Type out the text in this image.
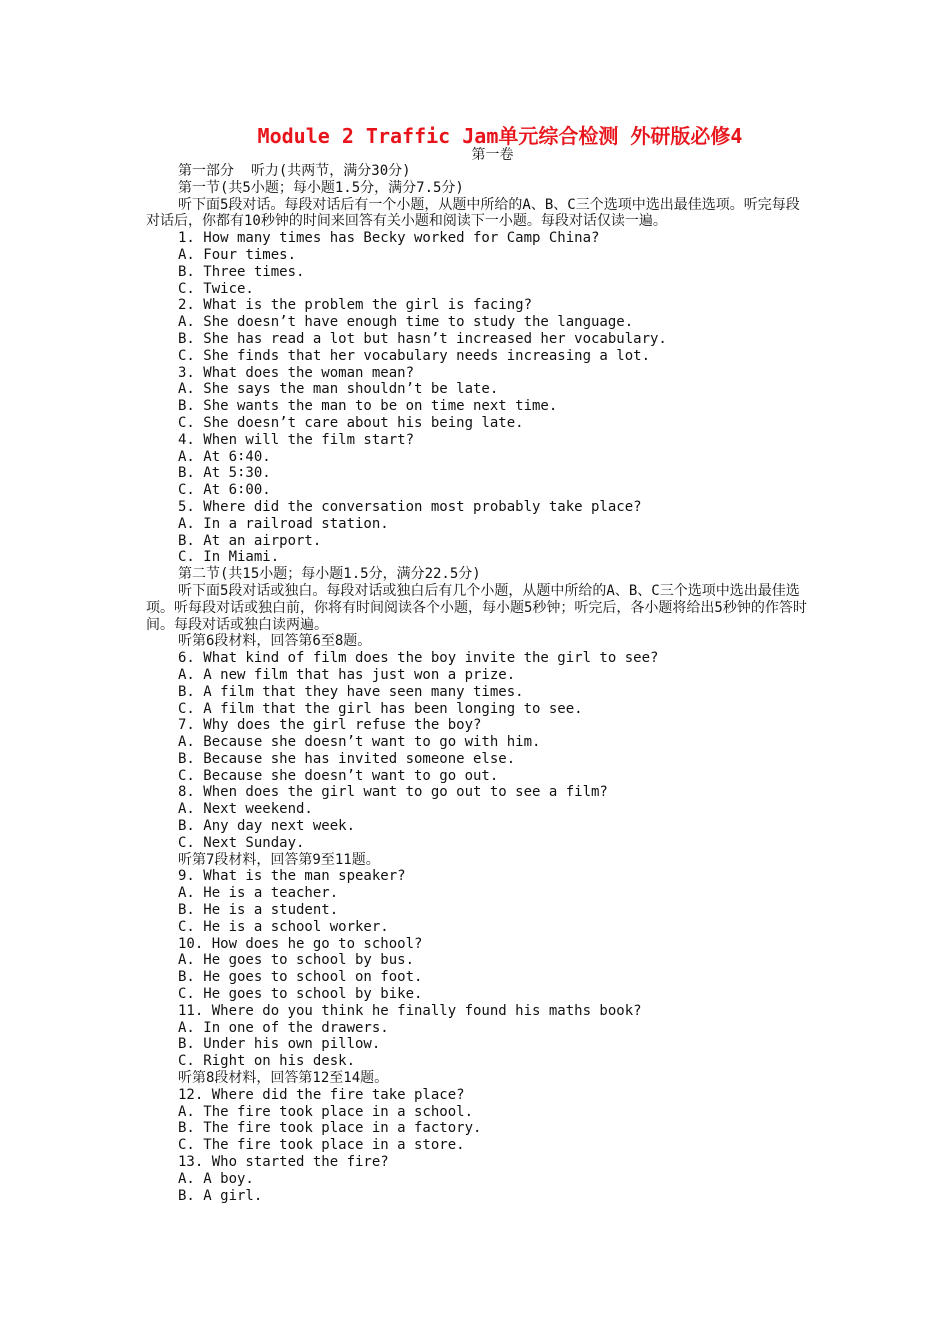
Module 2 Traffic Jam单元综合检测 外研版必修4
第一卷
第一部分  听力(共两节，满分30分)
第一节(共5小题；每小题1.5分，满分7.5分)
听下面5段对话。每段对话后有一个小题，从题中所给的A、B、C三个选项中选出最佳选项。听完每段对话后，你都有10秒钟的时间来回答有关小题和阅读下一小题。每段对话仅读一遍。
1. How many times has Becky worked for Camp China?
A. Four times.
B. Three times.
C. Twice.
2. What is the problem the girl is facing?
A. She doesn’t have enough time to study the language.
B. She has read a lot but hasn’t increased her vocabulary.
C. She finds that her vocabulary needs increasing a lot.
3. What does the woman mean?
A. She says the man shouldn’t be late.
B. She wants the man to be on time next time.
C. She doesn’t care about his being late.
4. When will the film start?
A. At 6∶40.
B. At 5∶30.
C. At 6∶00.
5. Where did the conversation most probably take place?
A. In a railroad station.
B. At an airport.
C. In Miami.
第二节(共15小题；每小题1.5分，满分22.5分)
听下面5段对话或独白。每段对话或独白后有几个小题，从题中所给的A、B、C三个选项中选出最佳选项。听每段对话或独白前，你将有时间阅读各个小题，每小题5秒钟；听完后，各小题将给出5秒钟的作答时间。每段对话或独白读两遍。
听第6段材料，回答第6至8题。
6. What kind of film does the boy invite the girl to see?
A. A new film that has just won a prize.
B. A film that they have seen many times.
C. A film that the girl has been longing to see.
7. Why does the girl refuse the boy?
A. Because she doesn’t want to go with him.
B. Because she has invited someone else.
C. Because she doesn’t want to go out.
8. When does the girl want to go out to see a film?
A. Next weekend.
B. Any day next week.
C. Next Sunday.
听第7段材料，回答第9至11题。
9. What is the man speaker?
A. He is a teacher.
B. He is a student.
C. He is a school worker.
10. How does he go to school?
A. He goes to school by bus.
B. He goes to school on foot.
C. He goes to school by bike.
11. Where do you think he finally found his maths book?
A. In one of the drawers.
B. Under his own pillow.
C. Right on his desk.
听第8段材料，回答第12至14题。
12. Where did the fire take place?
A. The fire took place in a school.
B. The fire took place in a factory.
C. The fire took place in a store.
13. Who started the fire?
A. A boy.
B. A girl.
